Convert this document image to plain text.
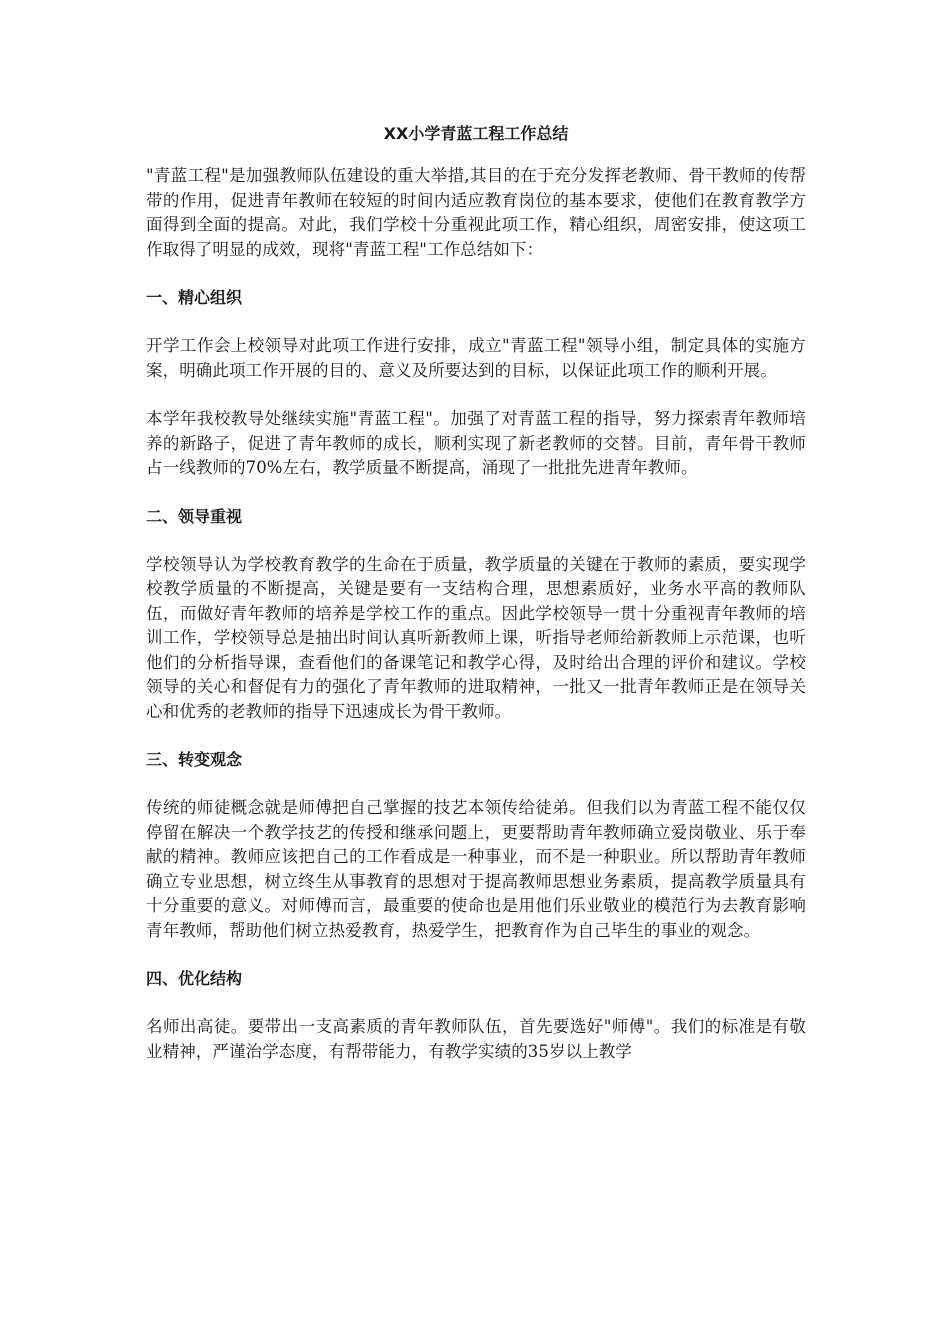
XX小学青蓝工程工作总结

"青蓝工程"是加强教师队伍建设的重大举措,其目的在于充分发挥老教师、骨干教师的传帮带的作用，促进青年教师在较短的时间内适应教育岗位的基本要求，使他们在教育教学方面得到全面的提高。对此，我们学校十分重视此项工作，精心组织，周密安排，使这项工作取得了明显的成效，现将"青蓝工程"工作总结如下：

一、精心组织

开学工作会上校领导对此项工作进行安排，成立"青蓝工程"领导小组，制定具体的实施方案，明确此项工作开展的目的、意义及所要达到的目标，以保证此项工作的顺利开展。

本学年我校教导处继续实施"青蓝工程"。加强了对青蓝工程的指导，努力探索青年教师培养的新路子，促进了青年教师的成长，顺利实现了新老教师的交替。目前，青年骨干教师占一线教师的70%左右，教学质量不断提高，涌现了一批批先进青年教师。

二、领导重视

学校领导认为学校教育教学的生命在于质量，教学质量的关键在于教师的素质，要实现学校教学质量的不断提高，关键是要有一支结构合理，思想素质好，业务水平高的教师队伍，而做好青年教师的培养是学校工作的重点。因此学校领导一贯十分重视青年教师的培训工作，学校领导总是抽出时间认真听新教师上课，听指导老师给新教师上示范课，也听他们的分析指导课，查看他们的备课笔记和教学心得，及时给出合理的评价和建议。学校领导的关心和督促有力的强化了青年教师的进取精神，一批又一批青年教师正是在领导关心和优秀的老教师的指导下迅速成长为骨干教师。

三、转变观念

传统的师徒概念就是师傅把自己掌握的技艺本领传给徒弟。但我们以为青蓝工程不能仅仅停留在解决一个教学技艺的传授和继承问题上，更要帮助青年教师确立爱岗敬业、乐于奉献的精神。教师应该把自己的工作看成是一种事业，而不是一种职业。所以帮助青年教师确立专业思想，树立终生从事教育的思想对于提高教师思想业务素质，提高教学质量具有十分重要的意义。对师傅而言，最重要的使命也是用他们乐业敬业的模范行为去教育影响青年教师，帮助他们树立热爱教育，热爱学生，把教育作为自己毕生的事业的观念。

四、优化结构

名师出高徒。要带出一支高素质的青年教师队伍，首先要选好"师傅"。我们的标准是有敬业精神，严谨治学态度，有帮带能力，有教学实绩的35岁以上教学
